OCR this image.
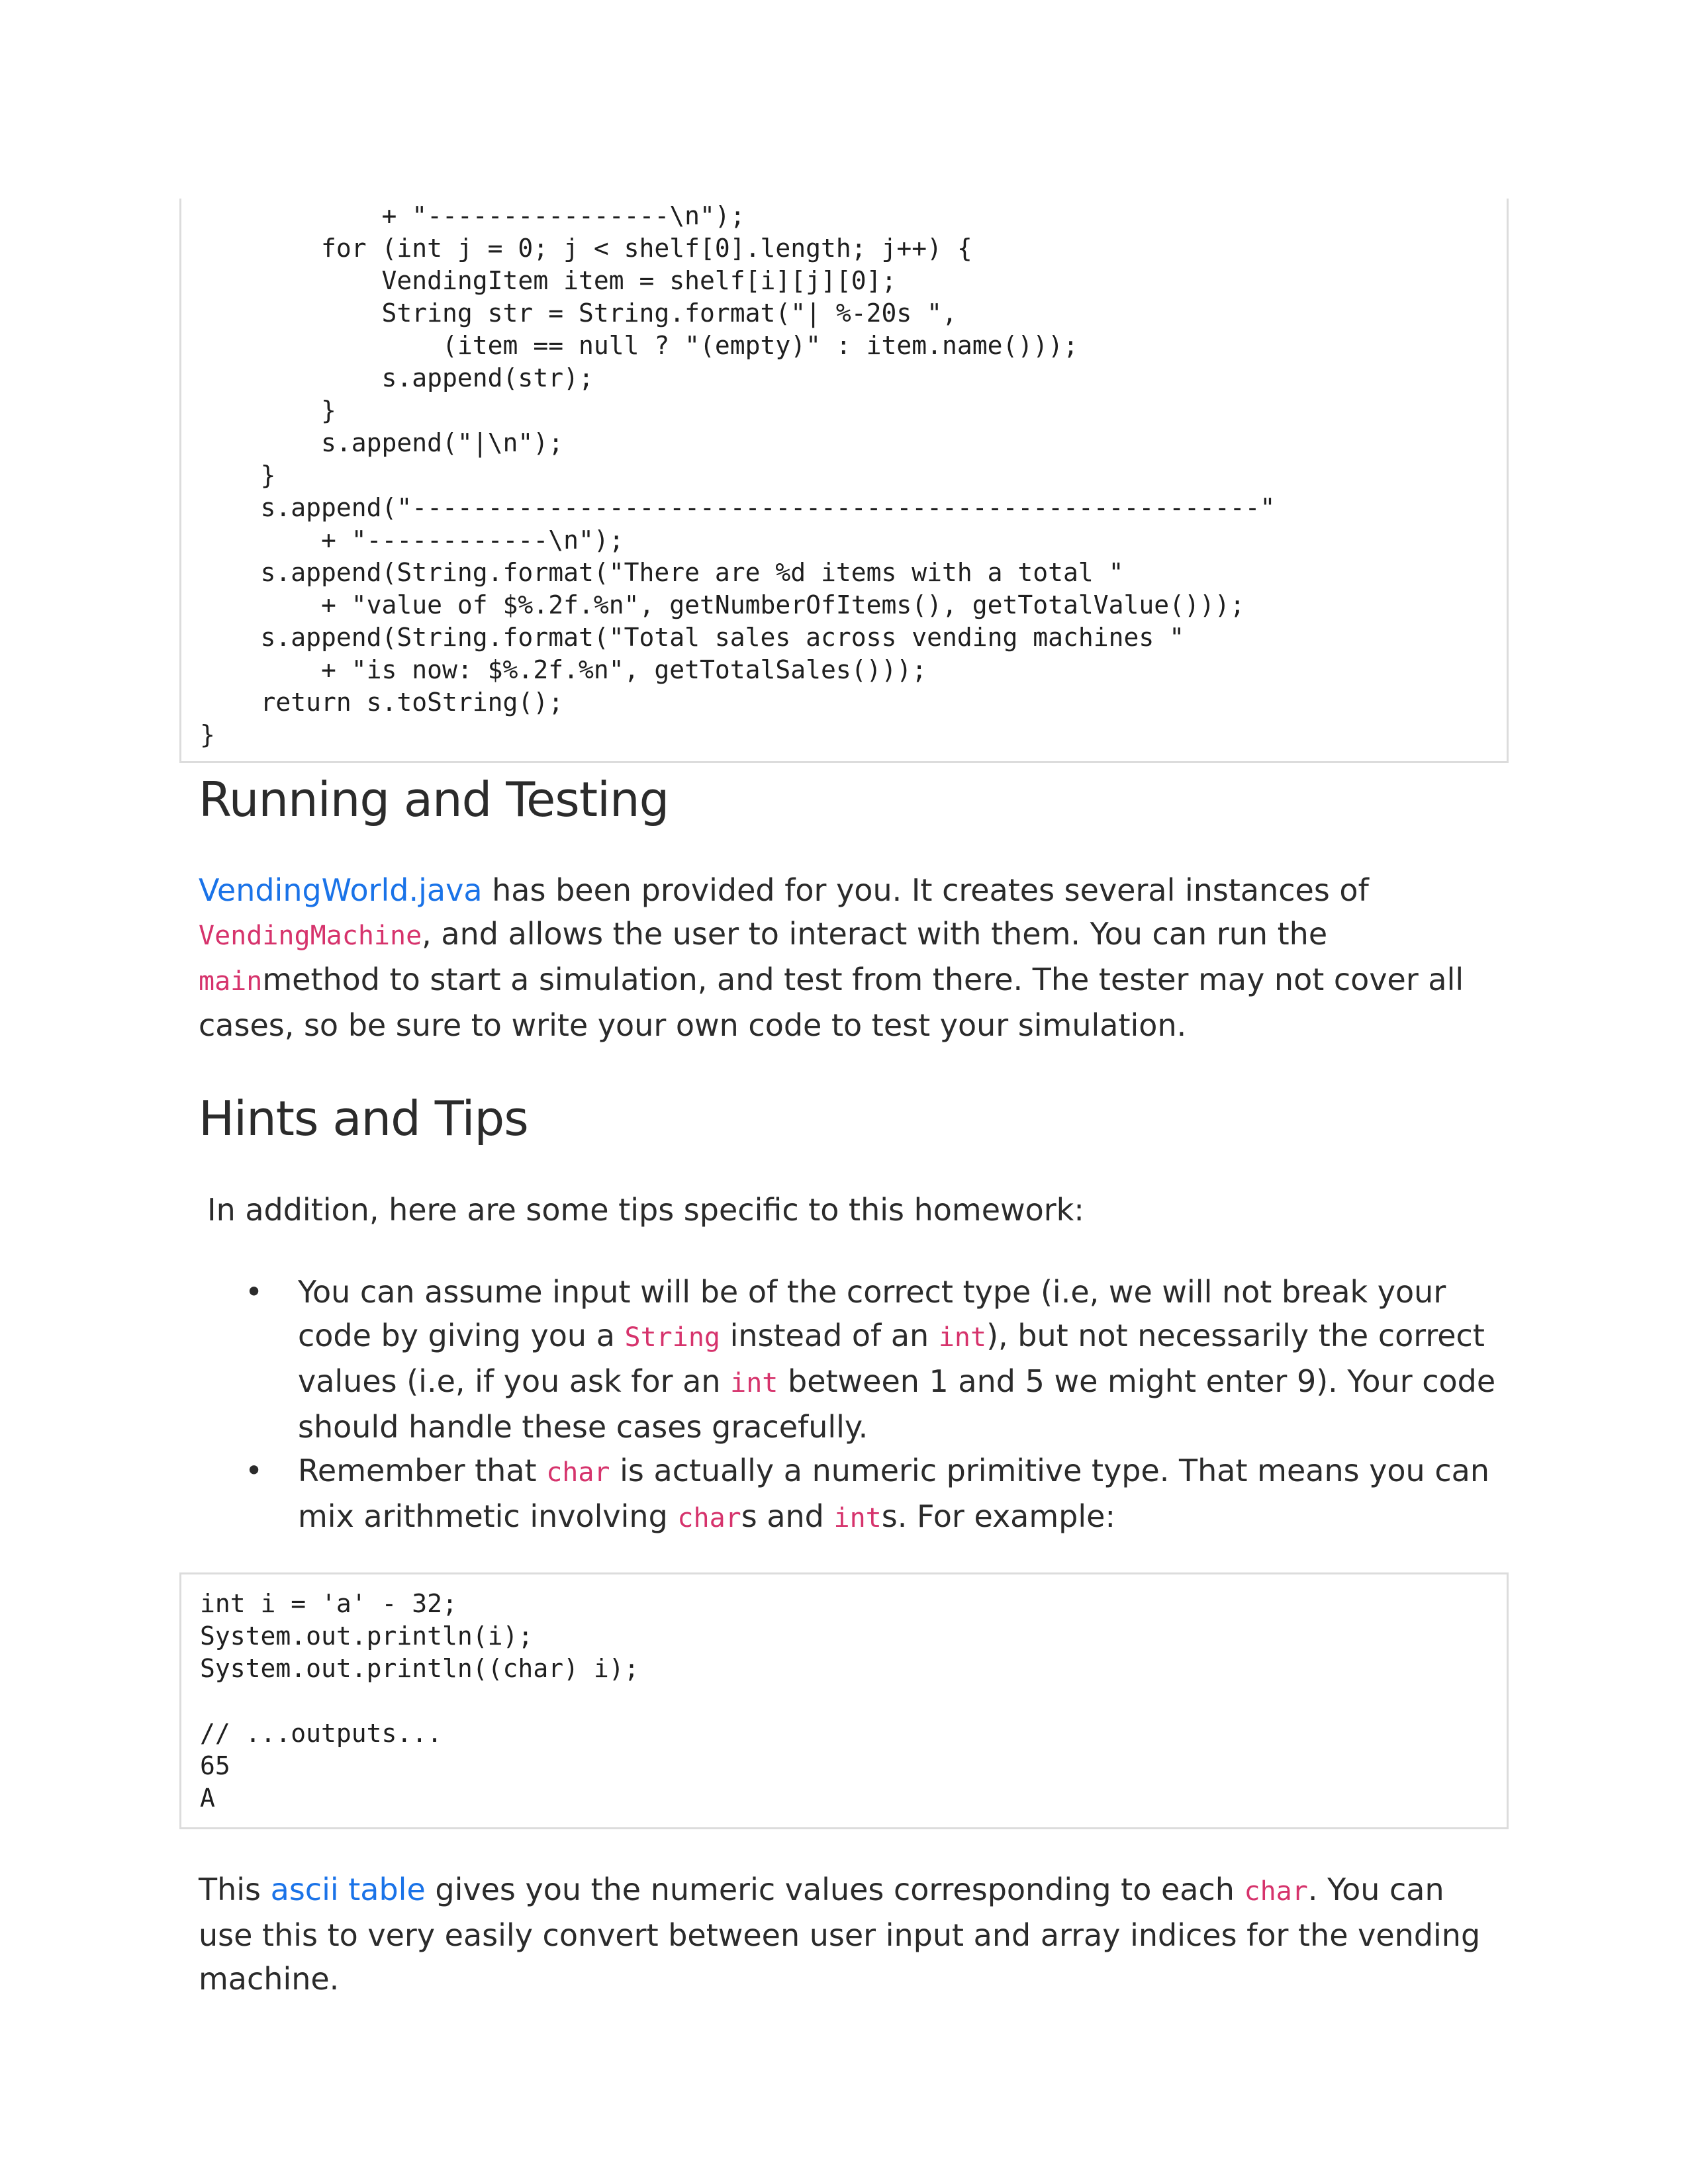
+ "----------------\n");
for (int j = 0; j < shelf[0].length; j++) {
VendingItem item = shelf[i][j][0];
String str = String.format("| %-20s ",
(item == null ? "(empty)" : item.name()));
s.append(str);
}
s.append("|\n");
}
s.append("--------------------------------------------------------"
+ "------------\n");
s.append(String.format("There are %d items with a total "
+ "value of $%.2f.%n", getNumberOfItems(), getTotalValue()));
s.append(String.format("Total sales across vending machines "
+ "is now: $%.2f.%n", getTotalSales()));
return s.toString();
}
Running and Testing

VendingWorld.java has been provided for you. It creates several instances of VendingMachine, and allows the user to interact with them. You can run the mainmethod to start a simulation, and test from there. The tester may not cover all cases, so be sure to write your own code to test your simulation.

Hints and Tips

In addition, here are some tips specific to this homework:

• You can assume input will be of the correct type (i.e, we will not break your code by giving you a String instead of an int), but not necessarily the correct values (i.e, if you ask for an int between 1 and 5 we might enter 9). Your code should handle these cases gracefully.
• Remember that char is actually a numeric primitive type. That means you can mix arithmetic involving chars and ints. For example:
int i = 'a' - 32;
System.out.println(i);
System.out.println((char) i);
// ...outputs...
65
A

This ascii table gives you the numeric values corresponding to each char. You can use this to very easily convert between user input and array indices for the vending machine.
